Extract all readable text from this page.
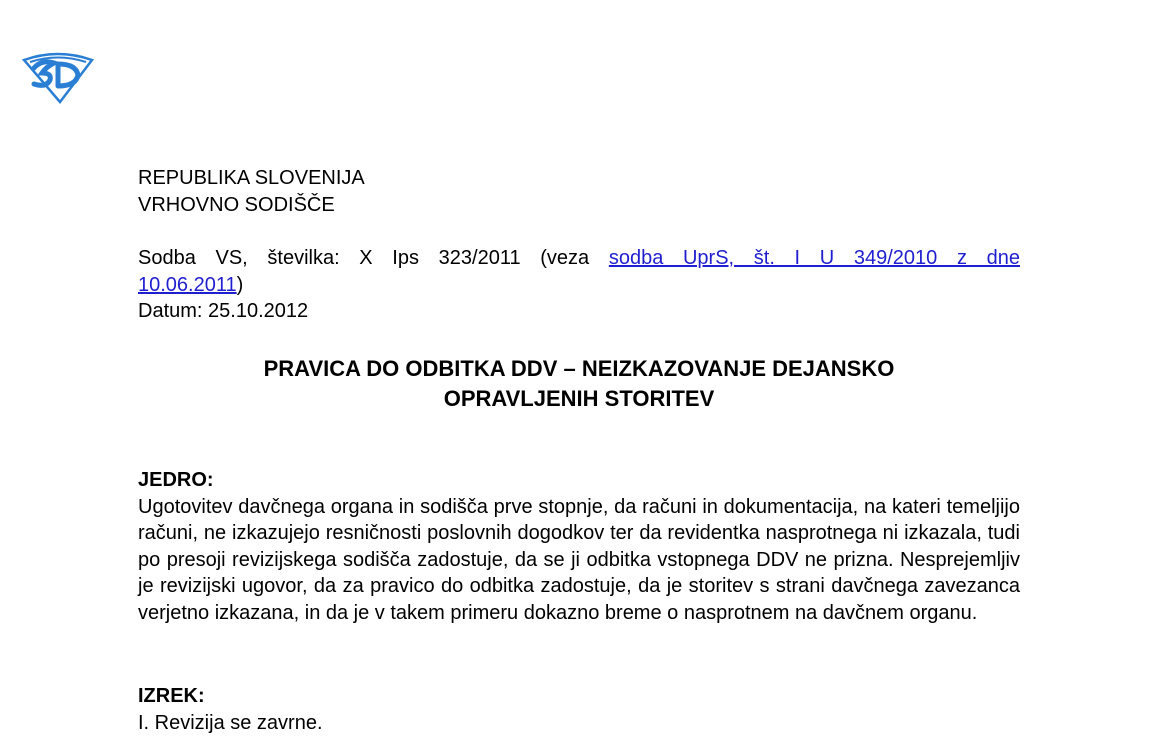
REPUBLIKA SLOVENIJA

VRHOVNO SODIŠČE

Sodba VS, številka: X Ips 323/2011 (veza sodba UprS, št. I U 349/2010 z dne

10.06.2011)

Datum: 25.10.2012

PRAVICA DO ODBITKA DDV – NEIZKAZOVANJE DEJANSKO
OPRAVLJENIH STORITEV

JEDRO:

Ugotovitev davčnega organa in sodišča prve stopnje, da računi in dokumentacija, na kateri temeljijo računi, ne izkazujejo resničnosti poslovnih dogodkov ter da revidentka nasprotnega ni izkazala, tudi po presoji revizijskega sodišča zadostuje, da se ji odbitka vstopnega DDV ne prizna. Nesprejemljiv je revizijski ugovor, da za pravico do odbitka zadostuje, da je storitev s strani davčnega zavezanca verjetno izkazana, in da je v takem primeru dokazno breme o nasprotnem na davčnem organu.

IZREK:

I. Revizija se zavrne.
